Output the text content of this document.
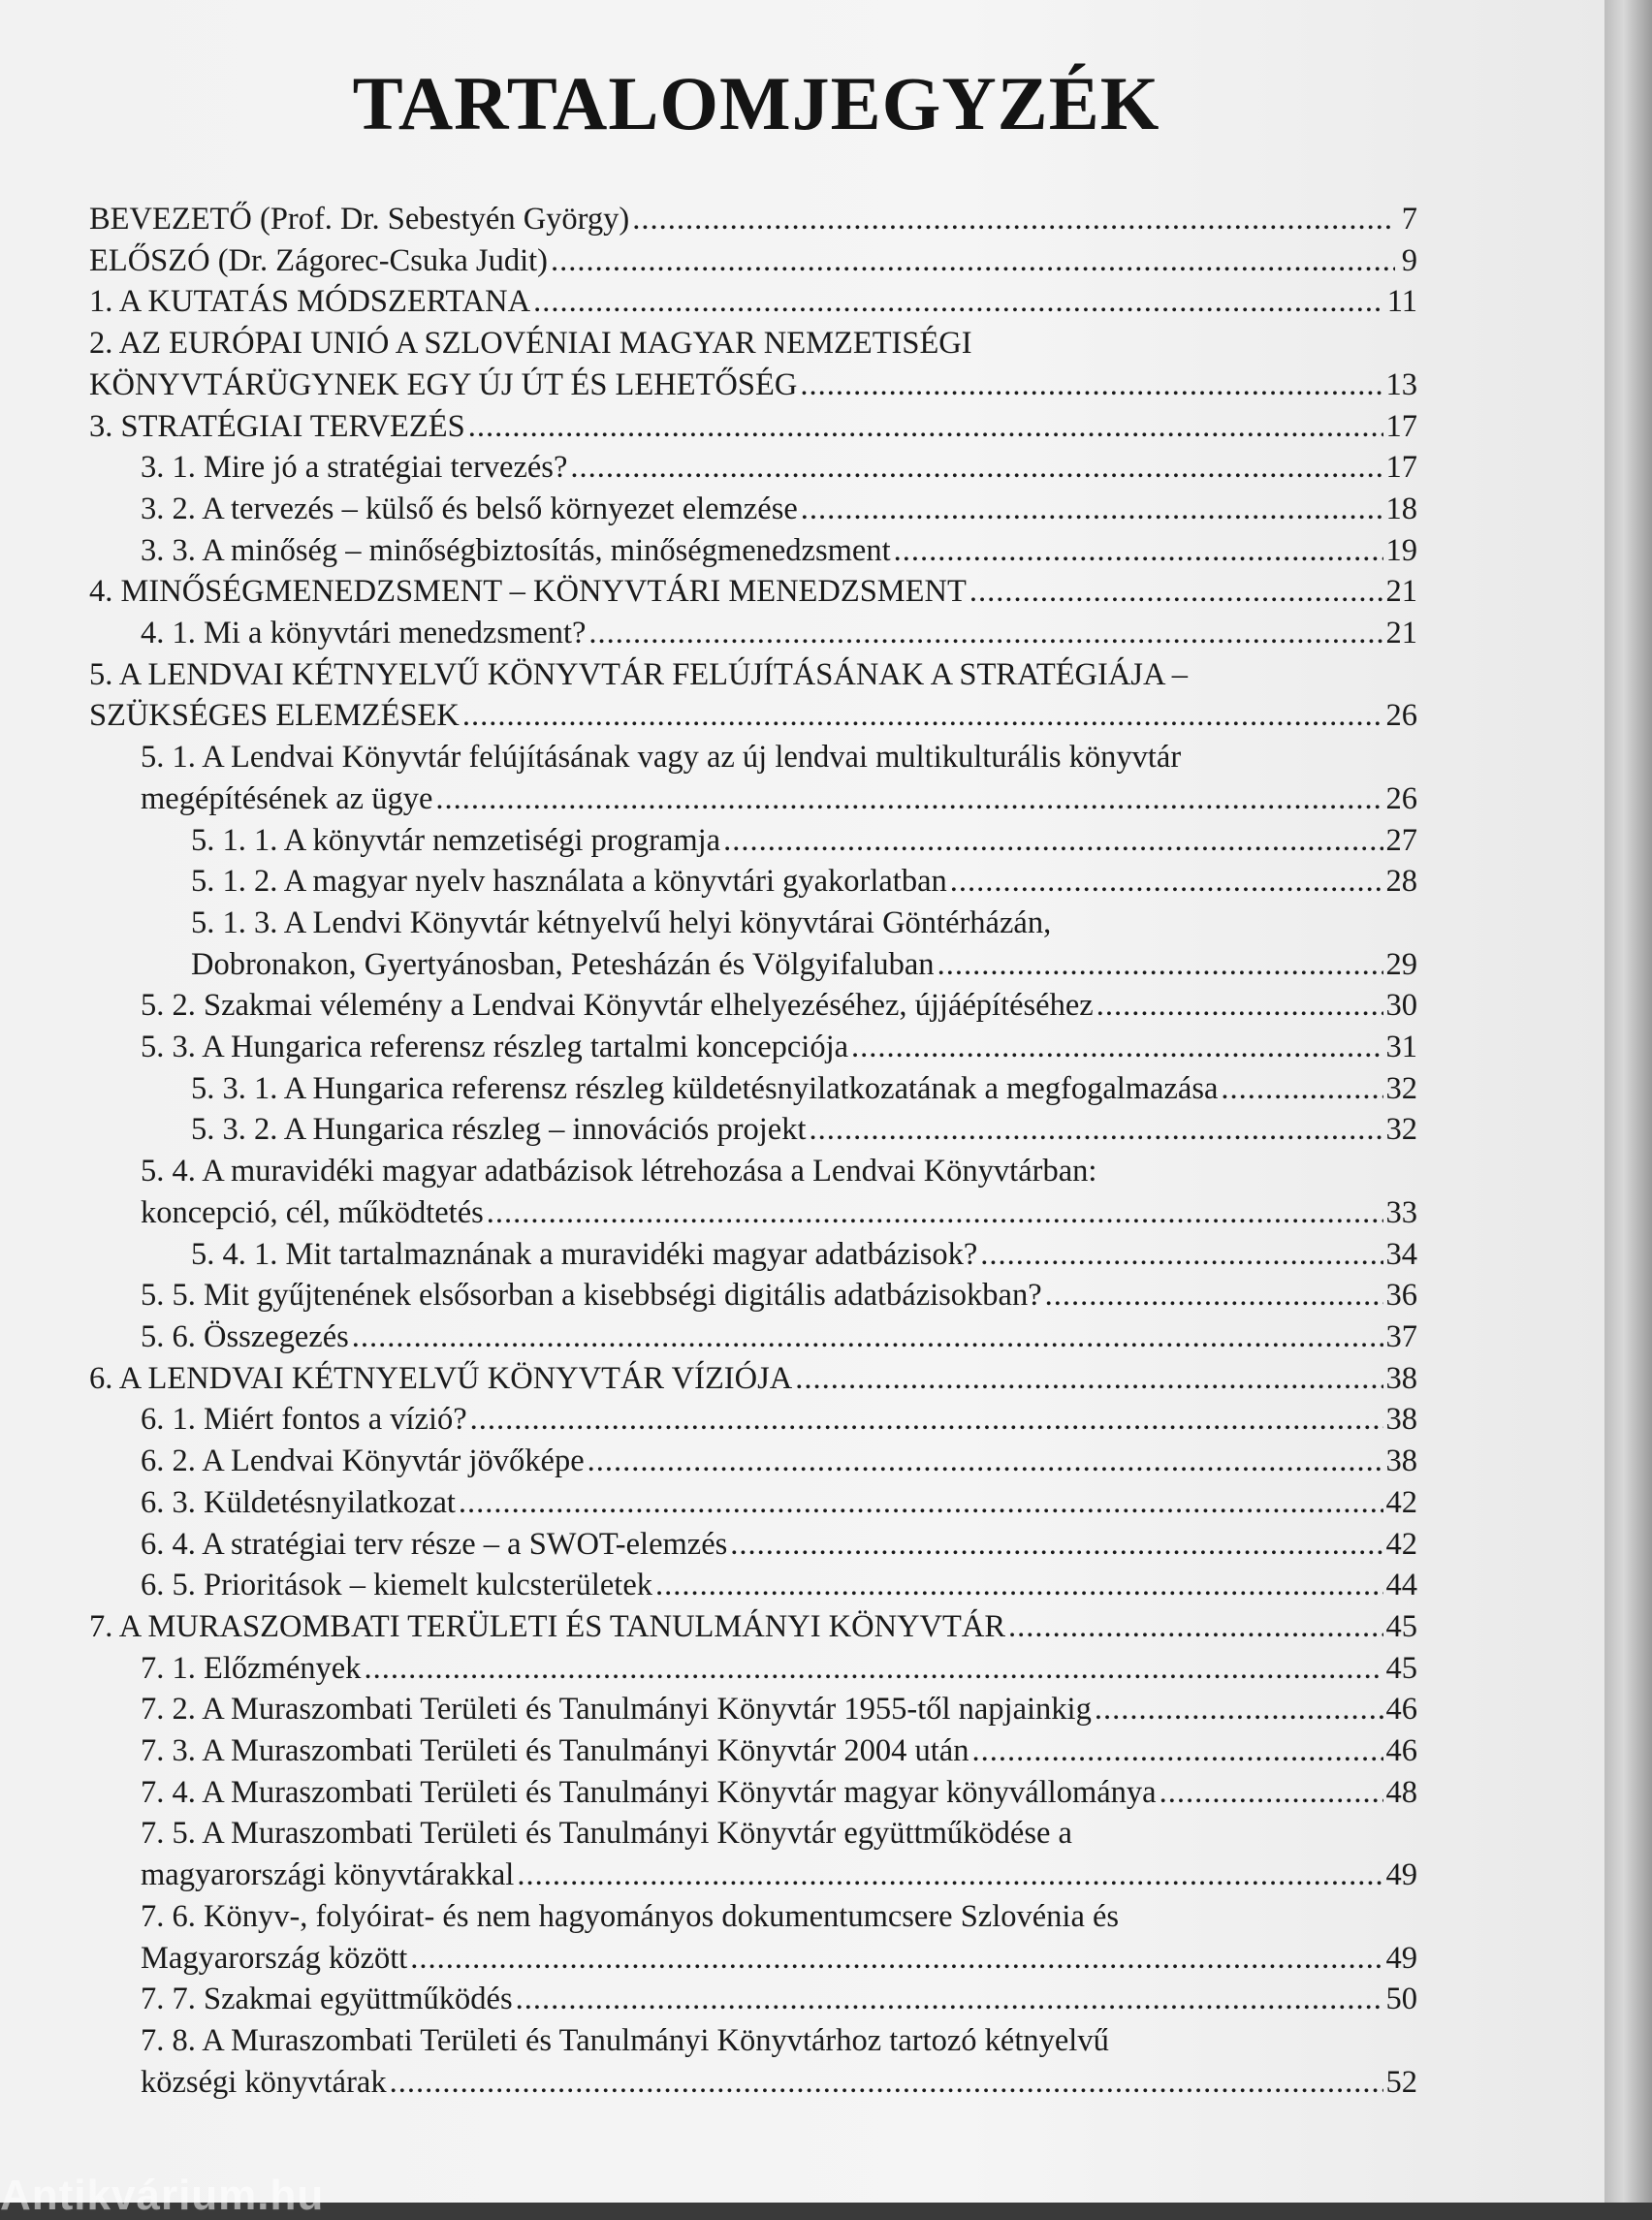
TARTALOMJEGYZÉK
BEVEZETŐ (Prof. Dr. Sebestyén György) .....	7
ELŐSZÓ (Dr. Zágorec-Csuka Judit) .....	9
1. A KUTATÁS MÓDSZERTANA .....	11
2. AZ EURÓPAI UNIÓ A SZLOVÉNIAI MAGYAR NEMZETISÉGI
KÖNYVTÁRÜGYNEK EGY ÚJ ÚT ÉS LEHETŐSÉG .....	13
3. STRATÉGIAI TERVEZÉS .....	17
3. 1. Mire jó a stratégiai tervezés? .....	17
3. 2. A tervezés – külső és belső környezet elemzése .....	18
3. 3. A minőség – minőségbiztosítás, minőségmenedzsment .....	19
4. MINŐSÉGMENEDZSMENT – KÖNYVTÁRI MENEDZSMENT .....	21
4. 1. Mi a könyvtári menedzsment? .....	21
5. A LENDVAI KÉTNYELVŰ KÖNYVTÁR FELÚJÍTÁSÁNAK A STRATÉGIÁJA –
SZÜKSÉGES ELEMZÉSEK .....	26
5. 1. A Lendvai Könyvtár felújításának vagy az új lendvai multikulturális könyvtár
megépítésének az ügye .....	26
5. 1. 1. A könyvtár nemzetiségi programja .....	27
5. 1. 2. A magyar nyelv használata a könyvtári gyakorlatban .....	28
5. 1. 3. A Lendvi Könyvtár kétnyelvű helyi könyvtárai Göntérházán,
Dobronakon, Gyertyánosban, Petesházán és Völgyifaluban .....	29
5. 2. Szakmai vélemény a Lendvai Könyvtár elhelyezéséhez, újjáépítéséhez .....	30
5. 3. A Hungarica referensz részleg tartalmi koncepciója .....	31
5. 3. 1. A Hungarica referensz részleg küldetésnyilatkozatának a megfogalmazása .....	32
5. 3. 2. A Hungarica részleg – innovációs projekt .....	32
5. 4. A muravidéki magyar adatbázisok létrehozása a Lendvai Könyvtárban:
koncepció, cél, működtetés .....	33
5. 4. 1. Mit tartalmaznának a muravidéki magyar adatbázisok? .....	34
5. 5. Mit gyűjtenének elsősorban a kisebbségi digitális adatbázisokban? .....	36
5. 6. Összegezés .....	37
6. A LENDVAI KÉTNYELVŰ KÖNYVTÁR VÍZIÓJA .....	38
6. 1. Miért fontos a vízió? .....	38
6. 2. A Lendvai Könyvtár jövőképe .....	38
6. 3. Küldetésnyilatkozat .....	42
6. 4. A stratégiai terv része – a SWOT-elemzés .....	42
6. 5. Prioritások – kiemelt kulcsterületek .....	44
7. A MURASZOMBATI TERÜLETI ÉS TANULMÁNYI KÖNYVTÁR .....	45
7. 1. Előzmények .....	45
7. 2. A Muraszombati Területi és Tanulmányi Könyvtár 1955-től napjainkig .....	46
7. 3. A Muraszombati Területi és Tanulmányi Könyvtár 2004 után .....	46
7. 4. A Muraszombati Területi és Tanulmányi Könyvtár magyar könyvállománya .....	48
7. 5. A Muraszombati Területi és Tanulmányi Könyvtár együttműködése a
magyarországi könyvtárakkal .....	49
7. 6. Könyv-, folyóirat- és nem hagyományos dokumentumcsere Szlovénia és
Magyarország között .....	49
7. 7. Szakmai együttműködés .....	50
7. 8. A Muraszombati Területi és Tanulmányi Könyvtárhoz tartozó kétnyelvű
községi könyvtárak .....	52
Antikvárium.hu
